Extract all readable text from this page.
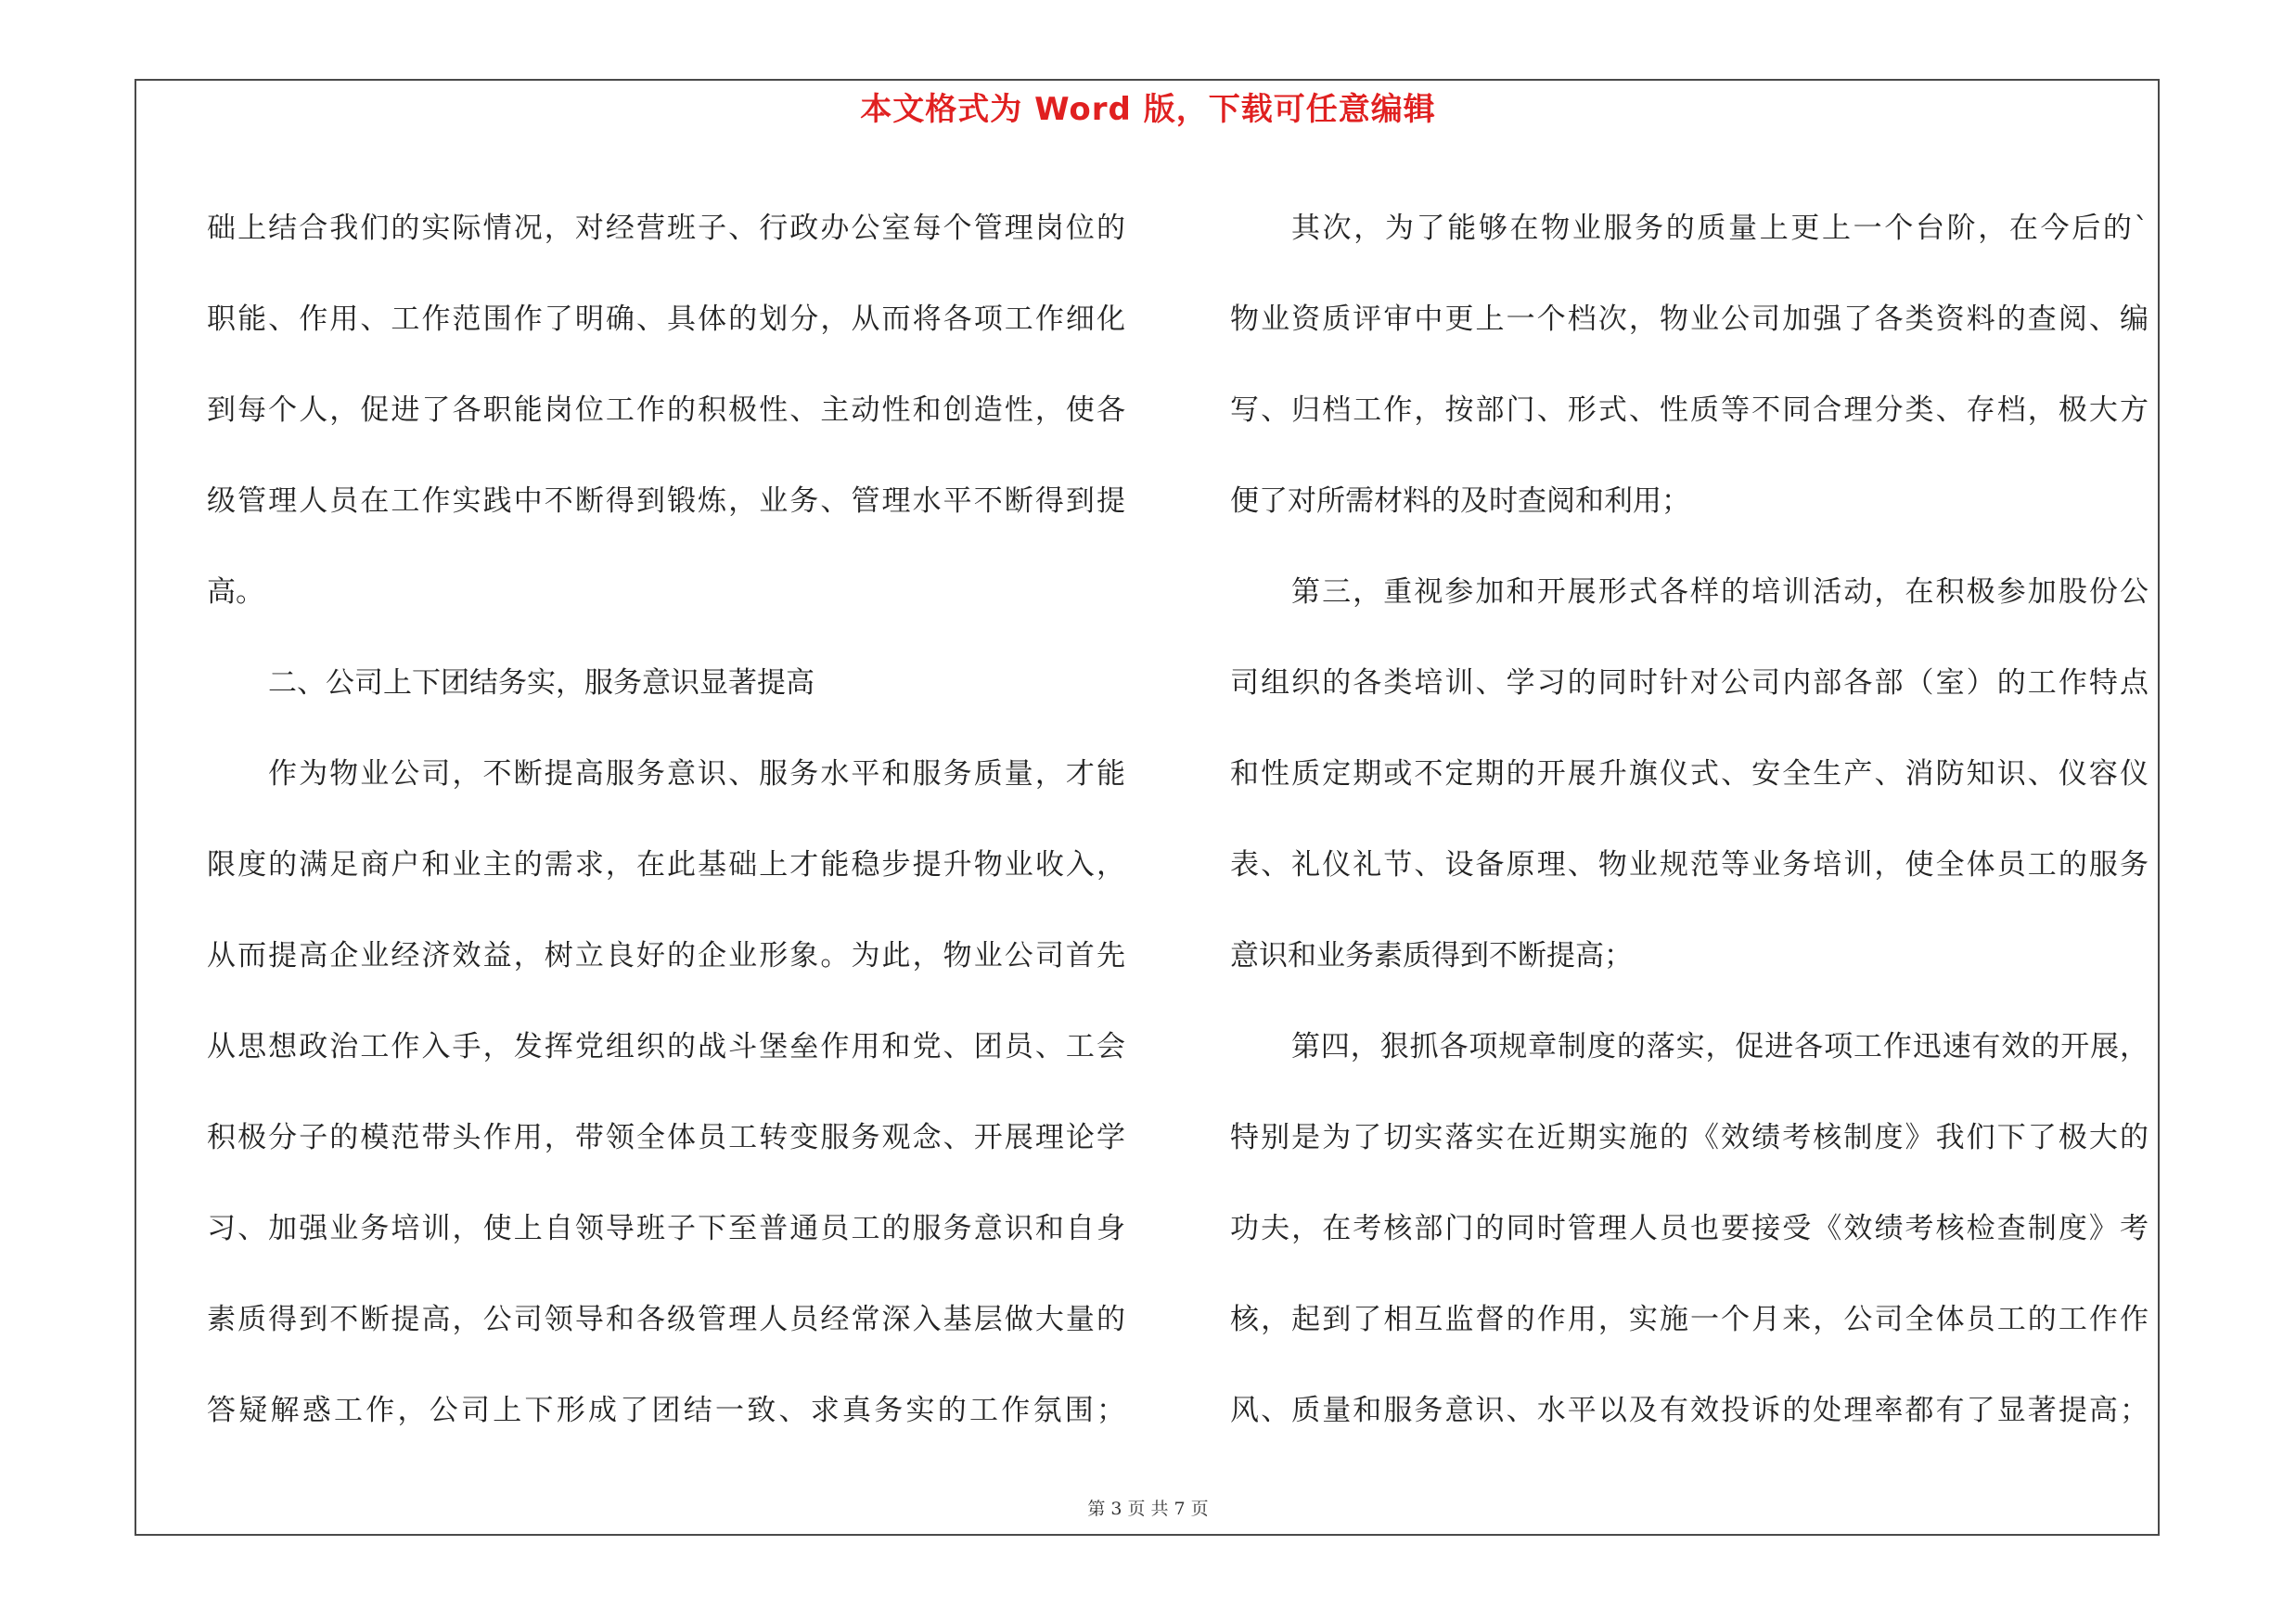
本文格式为 Word 版，下载可任意编辑
础上结合我们的实际情况，对经营班子、行政办公室每个管理岗位的
职能、作用、工作范围作了明确、具体的划分，从而将各项工作细化
到每个人，促进了各职能岗位工作的积极性、主动性和创造性，使各
级管理人员在工作实践中不断得到锻炼，业务、管理水平不断得到提
高。
二、公司上下团结务实，服务意识显著提高
作为物业公司，不断提高服务意识、服务水平和服务质量，才能
限度的满足商户和业主的需求，在此基础上才能稳步提升物业收入，
从而提高企业经济效益，树立良好的企业形象。为此，物业公司首先
从思想政治工作入手，发挥党组织的战斗堡垒作用和党、团员、工会
积极分子的模范带头作用，带领全体员工转变服务观念、开展理论学
习、加强业务培训，使上自领导班子下至普通员工的服务意识和自身
素质得到不断提高，公司领导和各级管理人员经常深入基层做大量的
答疑解惑工作，公司上下形成了团结一致、求真务实的工作氛围；
其次，为了能够在物业服务的质量上更上一个台阶，在今后的`
物业资质评审中更上一个档次，物业公司加强了各类资料的查阅、编
写、归档工作，按部门、形式、性质等不同合理分类、存档，极大方
便了对所需材料的及时查阅和利用；
第三，重视参加和开展形式各样的培训活动，在积极参加股份公
司组织的各类培训、学习的同时针对公司内部各部（室）的工作特点
和性质定期或不定期的开展升旗仪式、安全生产、消防知识、仪容仪
表、礼仪礼节、设备原理、物业规范等业务培训，使全体员工的服务
意识和业务素质得到不断提高；
第四，狠抓各项规章制度的落实，促进各项工作迅速有效的开展，
特别是为了切实落实在近期实施的《效绩考核制度》我们下了极大的
功夫，在考核部门的同时管理人员也要接受《效绩考核检查制度》考
核，起到了相互监督的作用，实施一个月来，公司全体员工的工作作
风、质量和服务意识、水平以及有效投诉的处理率都有了显著提高；
第 3 页 共 7 页
